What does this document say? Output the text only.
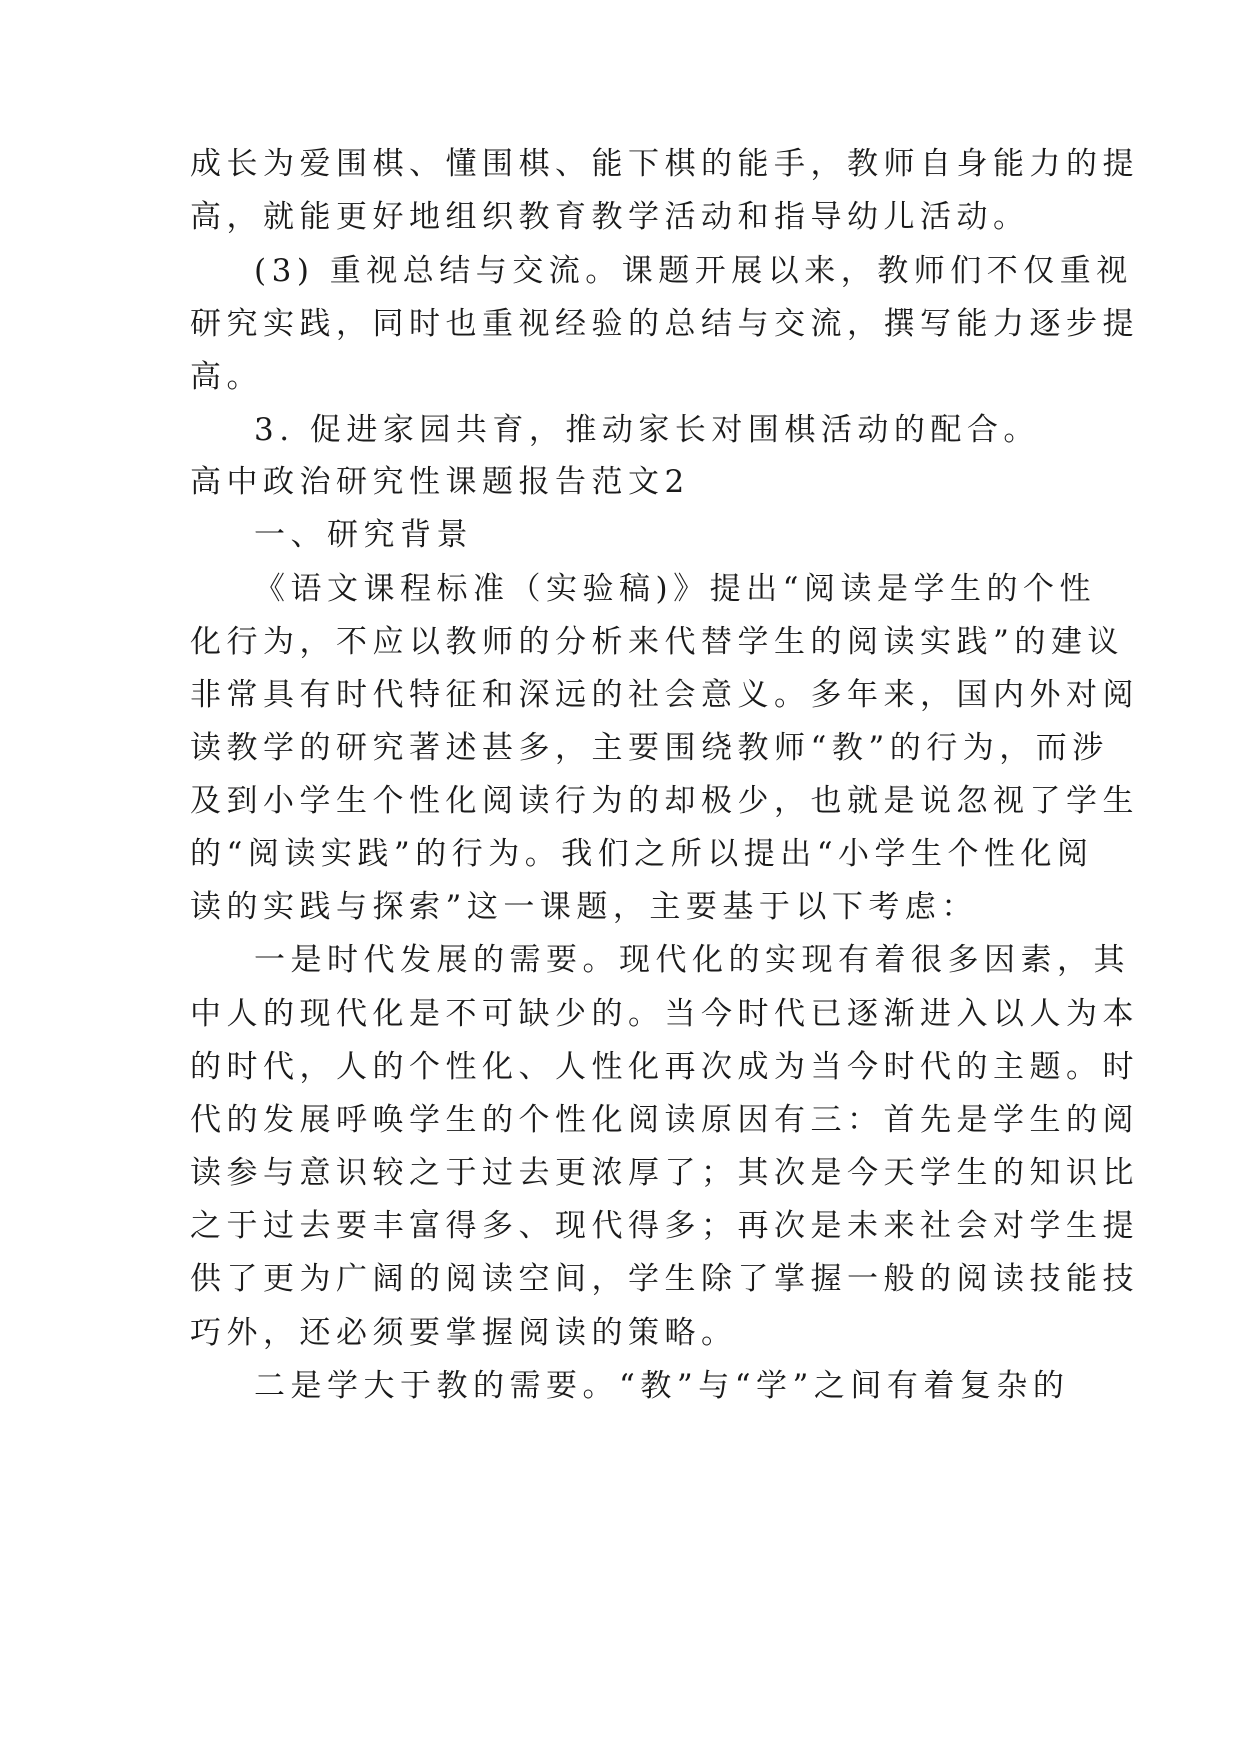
成长为爱围棋、懂围棋、能下棋的能手，教师自身能力的提
高，就能更好地组织教育教学活动和指导幼儿活动。
(3) 重视总结与交流。课题开展以来，教师们不仅重视
研究实践，同时也重视经验的总结与交流，撰写能力逐步提
高。
3. 促进家园共育，推动家长对围棋活动的配合。
高中政治研究性课题报告范文2
一、研究背景
《语文课程标准（实验稿)》提出“阅读是学生的个性
化行为，不应以教师的分析来代替学生的阅读实践”的建议
非常具有时代特征和深远的社会意义。多年来，国内外对阅
读教学的研究著述甚多，主要围绕教师“教”的行为，而涉
及到小学生个性化阅读行为的却极少，也就是说忽视了学生
的“阅读实践”的行为。我们之所以提出“小学生个性化阅
读的实践与探索”这一课题，主要基于以下考虑：
一是时代发展的需要。现代化的实现有着很多因素，其
中人的现代化是不可缺少的。当今时代已逐渐进入以人为本
的时代，人的个性化、人性化再次成为当今时代的主题。时
代的发展呼唤学生的个性化阅读原因有三：首先是学生的阅
读参与意识较之于过去更浓厚了；其次是今天学生的知识比
之于过去要丰富得多、现代得多；再次是未来社会对学生提
供了更为广阔的阅读空间，学生除了掌握一般的阅读技能技
巧外，还必须要掌握阅读的策略。
二是学大于教的需要。“教”与“学”之间有着复杂的
